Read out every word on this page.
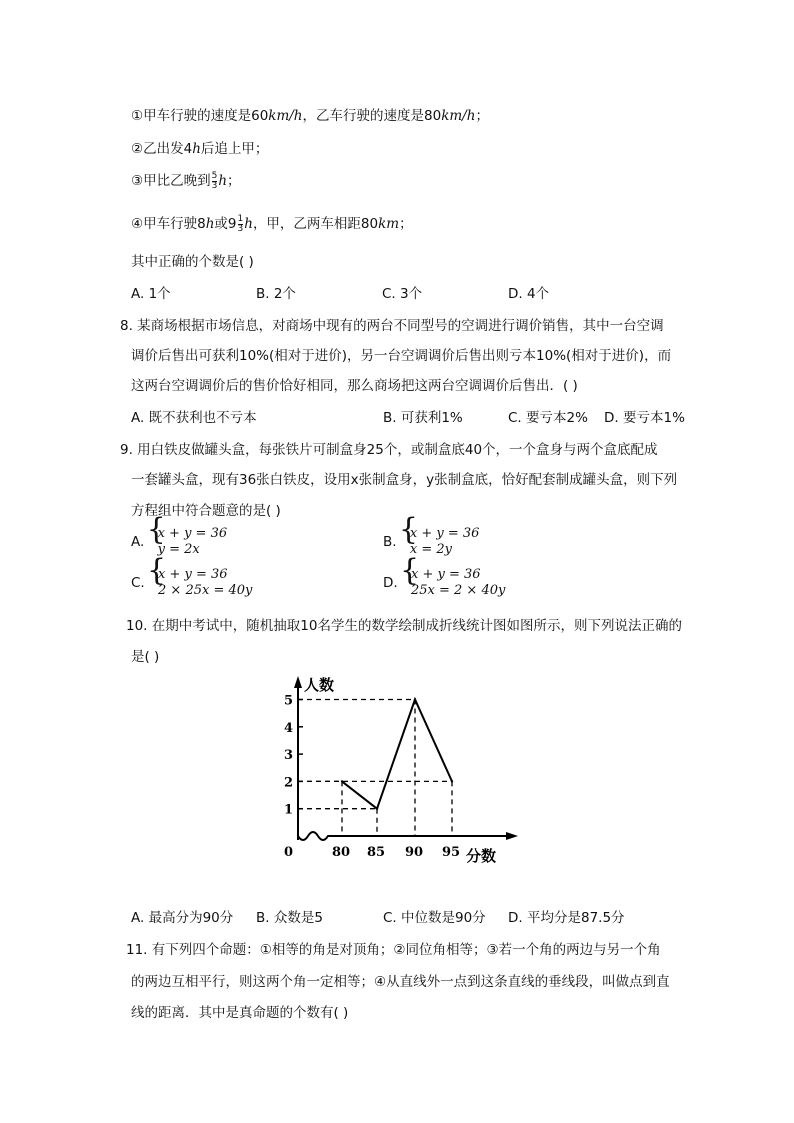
①甲车行驶的速度是60km/h，乙车行驶的速度是80km/h；
②乙出发4h后追上甲；
③甲比乙晚到 $\frac{5}{3}$ h；
④甲车行驶8h或$9 \frac{1}{3}$ h，甲，乙两车相距80km；
其中正确的个数是( )
A. 1个	B. 2个	C. 3个	D. 4个
8. 某商场根据市场信息，对商场中现有的两台不同型号的空调进行调价销售，其中一台空调
调价后售出可获利10%(相对于进价)，另一台空调调价后售出则亏本10%(相对于进价)，而
这两台空调调价后的售价恰好相同，那么商场把这两台空调调价后售出．( )
A. 既不获利也不亏本	B. 可获利1%	C. 要亏本2% D. 要亏本1%
9. 用白铁皮做罐头盒，每张铁片可制盒身25个，或制盒底40个，一个盒身与两个盒底配成
一套罐头盒，现有36张白铁皮，设用x张制盒身，y张制盒底，恰好配套制成罐头盒，则下列
方程组中符合题意的是( )
A.
{ x + y = 36
y = 2x	B.
{ x + y = 36
x = 2y
C.
{ x + y = 36
2 × 25x = 40y	D.
{ x + y = 36
25x = 2 × 40y
10. 在期中考试中，随机抽取10名学生的数学绘制成折线统计图如图所示，则下列说法正确的
是( )
人数
分数
0
1
2
3
4
5
80 85 90 95
A. 最高分为90分 B. 众数是5	C. 中位数是90分 D. 平均分是87.5分
11. 有下列四个命题：①相等的角是对顶角；②同位角相等；③若一个角的两边与另一个角
的两边互相平行，则这两个角一定相等；④从直线外一点到这条直线的垂线段，叫做点到直
线的距离．其中是真命题的个数有( )
